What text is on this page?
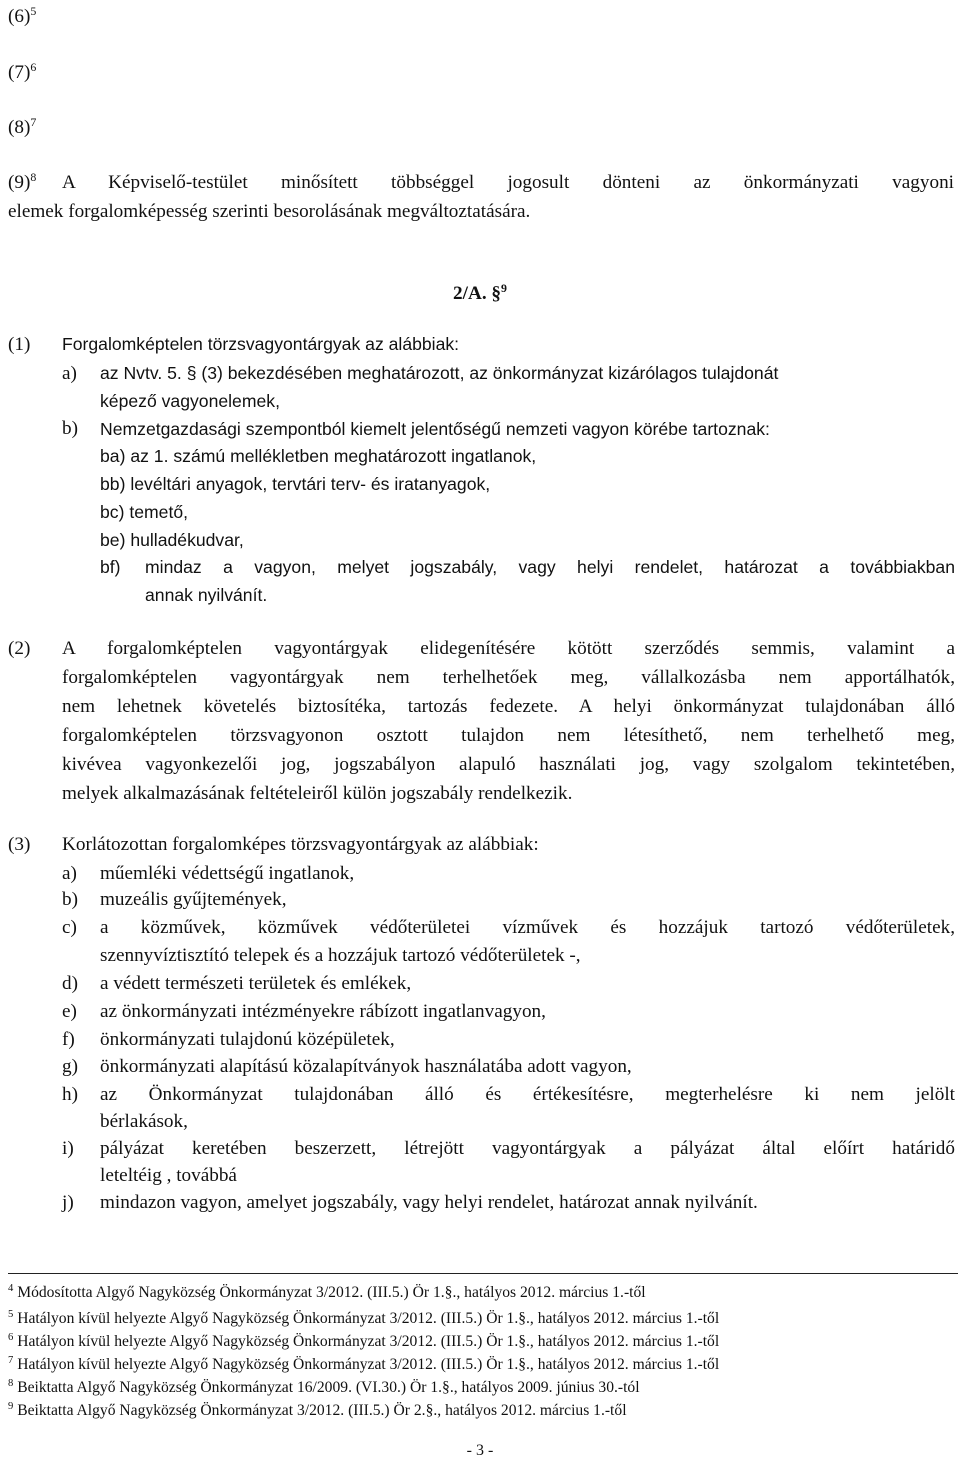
$(6)^5$
$(7)^6$
$(8)^7$
$(9)^8$ A Képviselő-testület minősített többséggel jogosult dönteni az önkormányzati vagyoni
elemek forgalomképesség szerinti besorolásának megváltoztatására.
2/A. §$^9$
(1) Forgalomképtelen törzsvagyontárgyak az alábbiak:
a) az Nvtv. 5. § (3) bekezdésében meghatározott, az önkormányzat kizárólagos tulajdonát
képező vagyonelemek,
b) Nemzetgazdasági szempontból kiemelt jelentőségű nemzeti vagyon körébe tartoznak:
ba) az 1. számú mellékletben meghatározott ingatlanok,
bb) levéltári anyagok, tervtári terv- és iratanyagok,
bc) temető,
be) hulladékudvar,
bf) mindaz a vagyon, melyet jogszabály, vagy helyi rendelet, határozat a továbbiakban
annak nyilvánít.
(2) A forgalomképtelen vagyontárgyak elidegenítésére kötött szerződés semmis, valamint a
forgalomképtelen vagyontárgyak nem terhelhetőek meg, vállalkozásba nem apportálhatók,
nem lehetnek követelés biztosítéka, tartozás fedezete. A helyi önkormányzat tulajdonában álló
forgalomképtelen törzsvagyonon osztott tulajdon nem létesíthető, nem terhelhető meg,
kivévea vagyonkezelői jog, jogszabályon alapuló használati jog, vagy szolgalom tekintetében,
melyek alkalmazásának feltételeiről külön jogszabály rendelkezik.
(3) Korlátozottan forgalomképes törzsvagyontárgyak az alábbiak:
a) műemléki védettségű ingatlanok,
b) muzeális gyűjtemények,
c) a közművek, közművek védőterületei vízművek és hozzájuk tartozó védőterületek,
szennyvíztisztító telepek és a hozzájuk tartozó védőterületek -,
d) a védett természeti területek és emlékek,
e) az önkormányzati intézményekre rábízott ingatlanvagyon,
f) önkormányzati tulajdonú középületek,
g) önkormányzati alapítású közalapítványok használatába adott vagyon,
h) az Önkormányzat tulajdonában álló és értékesítésre, megterhelésre ki nem jelölt
bérlakások,
i) pályázat keretében beszerzett, létrejött vagyontárgyak a pályázat által előírt határidő
leteltéig , továbbá
j) mindazon vagyon, amelyet jogszabály, vagy helyi rendelet, határozat annak nyilvánít.
$^4$ Módosította Algyő Nagyközség Önkormányzat 3/2012. (III.5.) Ör 1.§., hatályos 2012. március 1.-től
$^5$ Hatályon kívül helyezte Algyő Nagyközség Önkormányzat 3/2012. (III.5.) Ör 1.§., hatályos 2012. március 1.-től
$^6$ Hatályon kívül helyezte Algyő Nagyközség Önkormányzat 3/2012. (III.5.) Ör 1.§., hatályos 2012. március 1.-től
$^7$ Hatályon kívül helyezte Algyő Nagyközség Önkormányzat 3/2012. (III.5.) Ör 1.§., hatályos 2012. március 1.-től
$^8$ Beiktatta Algyő Nagyközség Önkormányzat 16/2009. (VI.30.) Ör 1.§., hatályos 2009. június 30.-tól
$^9$ Beiktatta Algyő Nagyközség Önkormányzat 3/2012. (III.5.) Ör 2.§., hatályos 2012. március 1.-től
- 3 -
